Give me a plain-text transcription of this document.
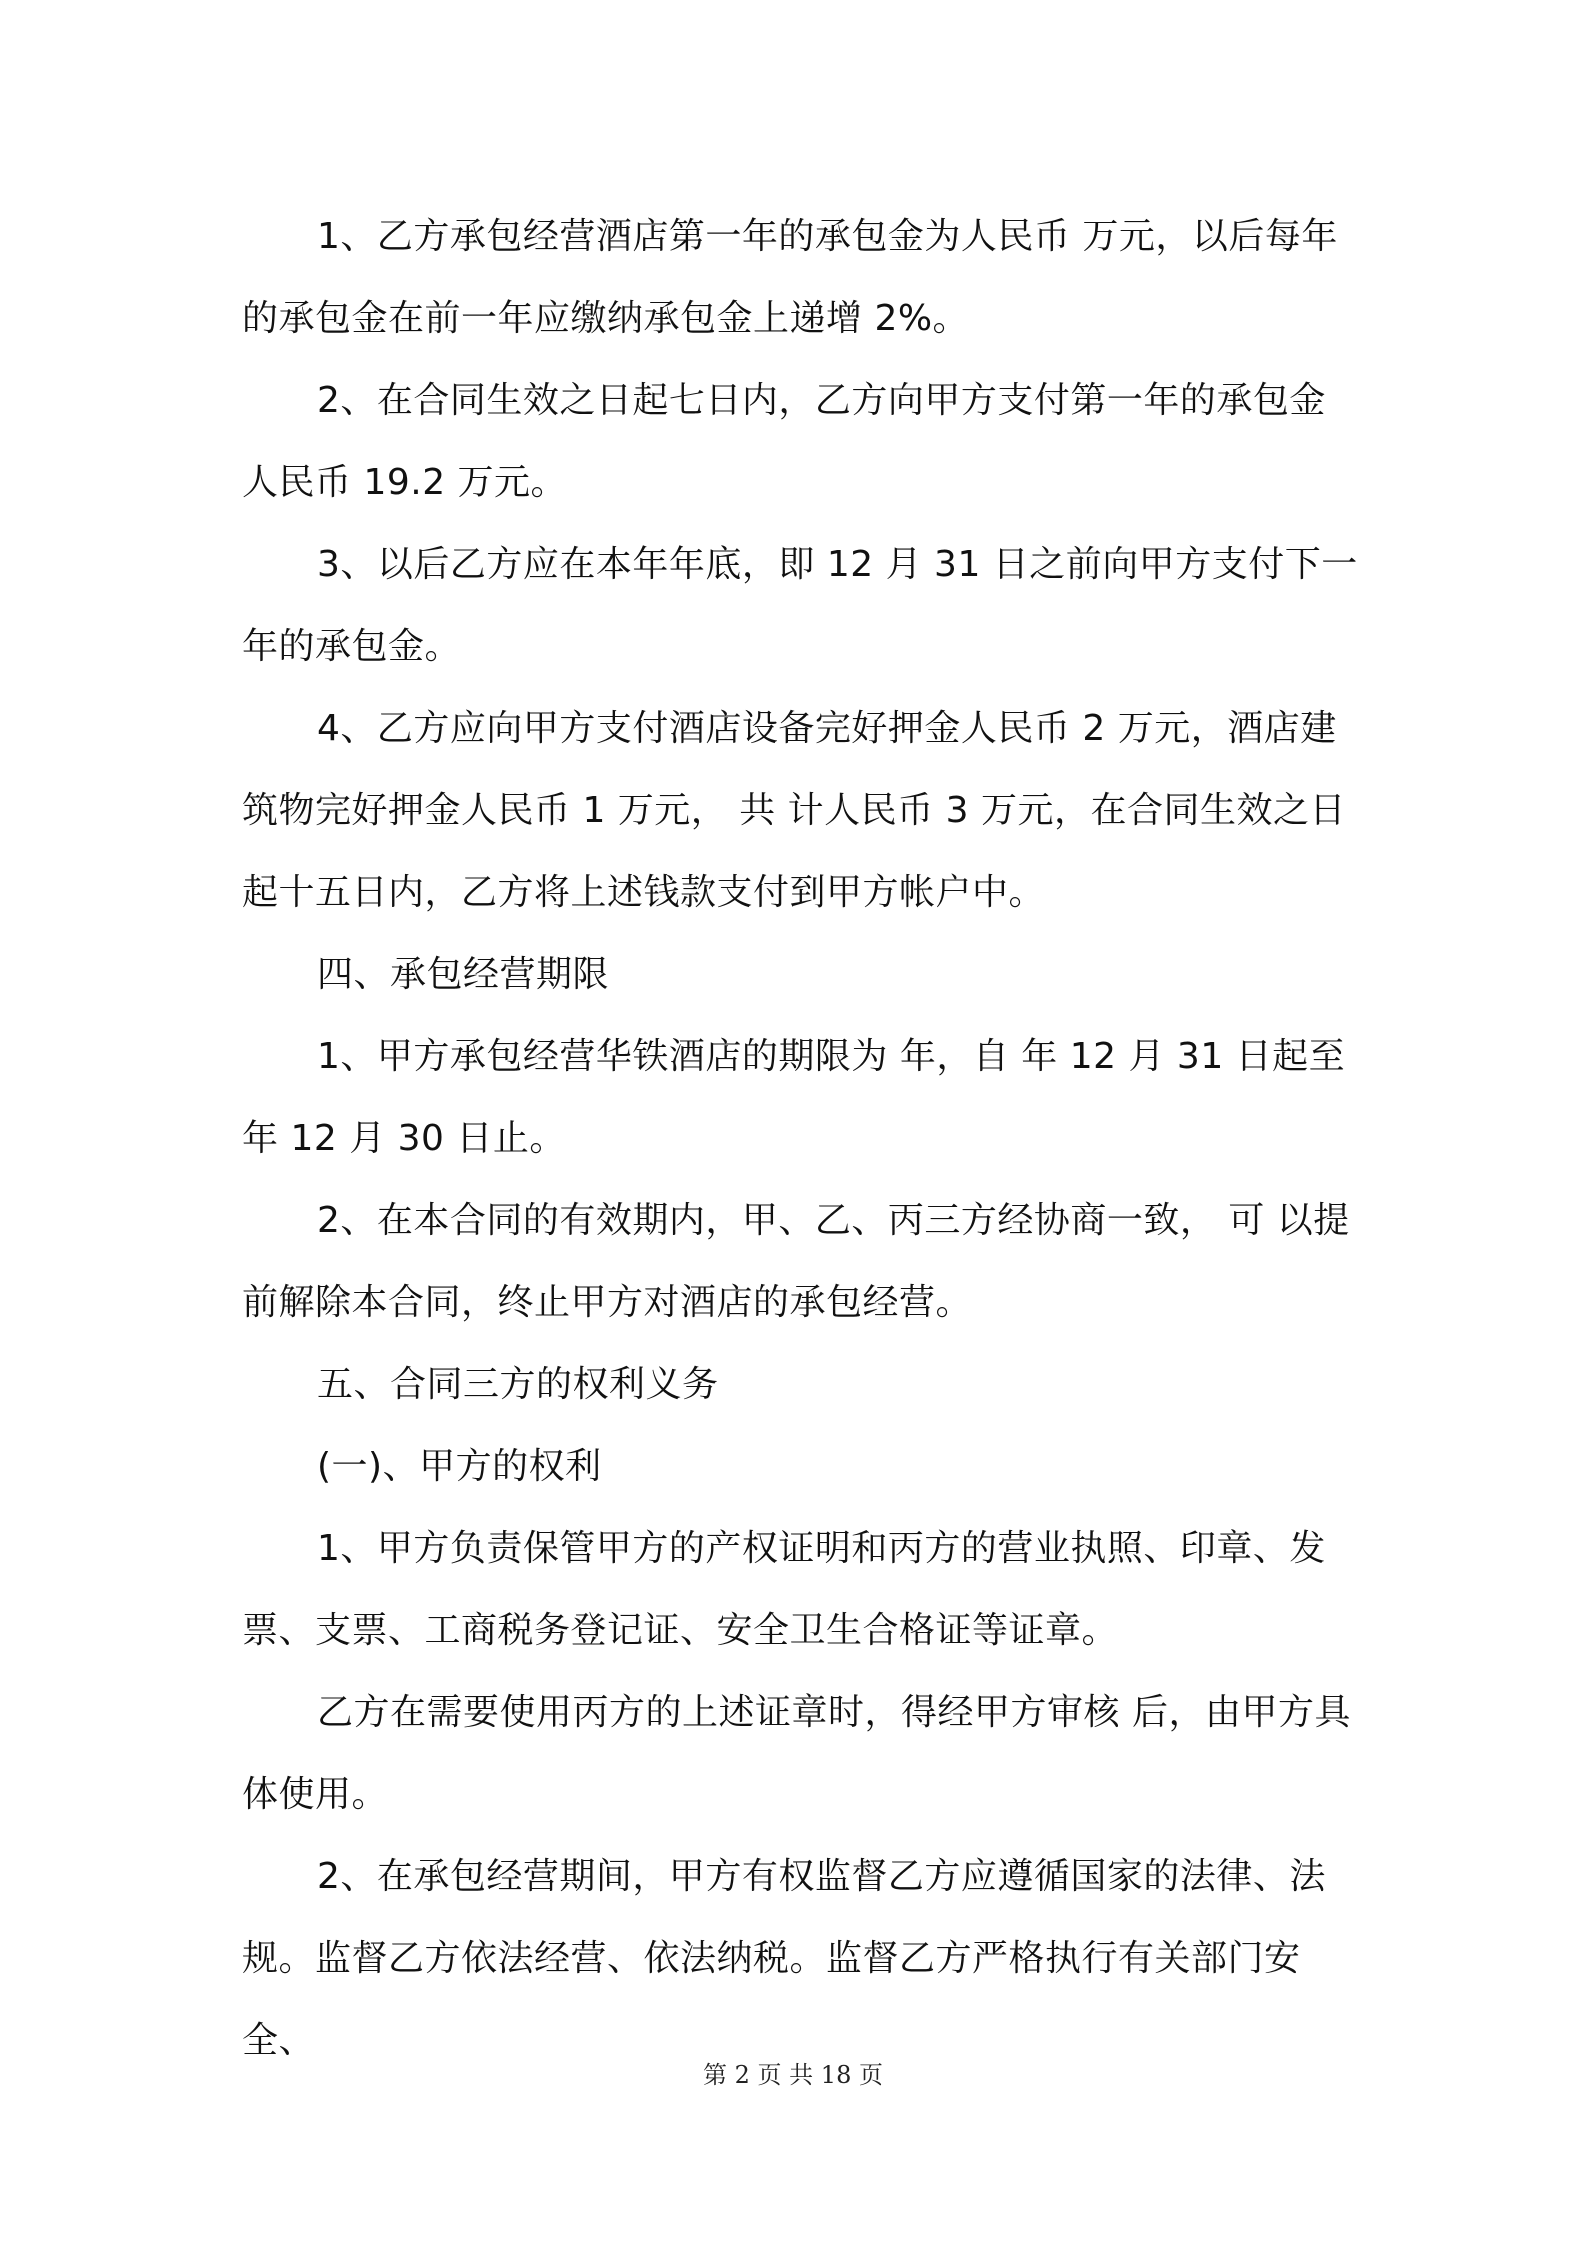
1、乙方承包经营酒店第一年的承包金为人民币 万元，以后每年的承包金在前一年应缴纳承包金上递增 2%。

2、在合同生效之日起七日内，乙方向甲方支付第一年的承包金人民币 19.2 万元。

3、以后乙方应在本年年底，即 12 月 31 日之前向甲方支付下一年的承包金。

4、乙方应向甲方支付酒店设备完好押金人民币 2 万元，酒店建筑物完好押金人民币 1 万元， 共 计人民币 3 万元，在合同生效之日起十五日内，乙方将上述钱款支付到甲方帐户中。

四、承包经营期限

1、甲方承包经营华铁酒店的期限为 年，自 年 12 月 31 日起至 年 12 月 30 日止。

2、在本合同的有效期内，甲、乙、丙三方经协商一致， 可 以提前解除本合同，终止甲方对酒店的承包经营。

五、合同三方的权利义务

(一)、甲方的权利

1、甲方负责保管甲方的产权证明和丙方的营业执照、印章、发票、支票、工商税务登记证、安全卫生合格证等证章。

乙方在需要使用丙方的上述证章时，得经甲方审核 后，由甲方具体使用。

2、在承包经营期间，甲方有权监督乙方应遵循国家的法律、法规。监督乙方依法经营、依法纳税。监督乙方严格执行有关部门安全、

第 2 页 共 18 页
